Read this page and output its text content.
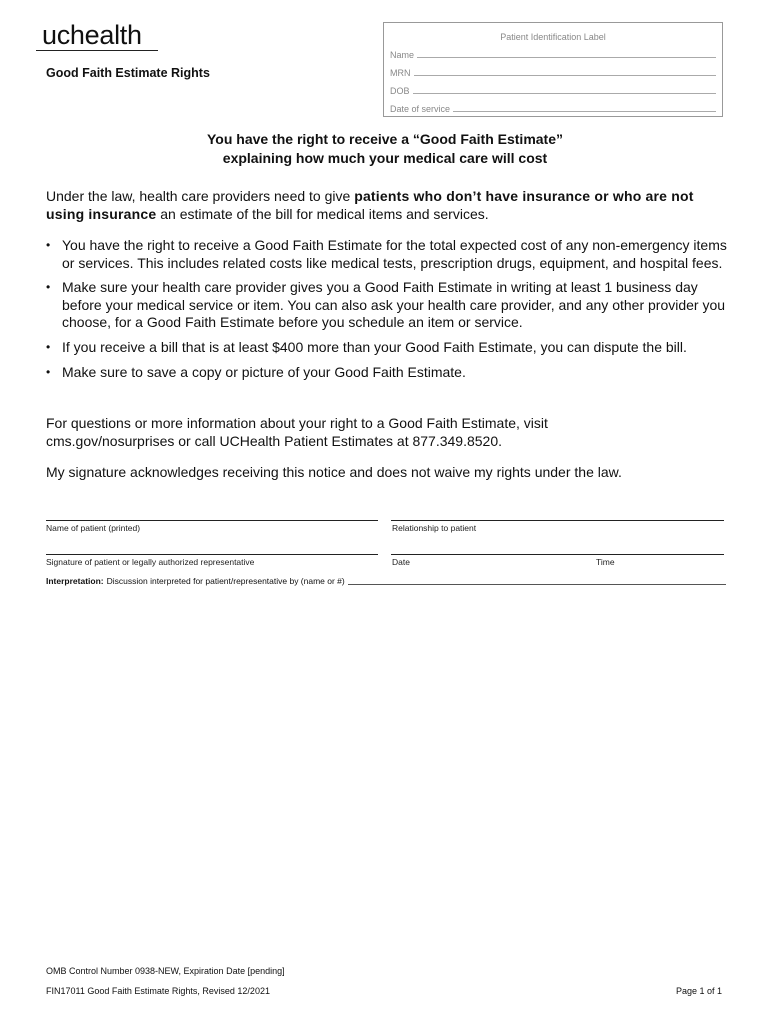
uchealth
Good Faith Estimate Rights
Patient Identification Label
Name
MRN
DOB
Date of service
You have the right to receive a “Good Faith Estimate”
explaining how much your medical care will cost
Under the law, health care providers need to give patients who don’t have insurance or who are not using insurance an estimate of the bill for medical items and services.
• You have the right to receive a Good Faith Estimate for the total expected cost of any non-emergency items or services. This includes related costs like medical tests, prescription drugs, equipment, and hospital fees.
• Make sure your health care provider gives you a Good Faith Estimate in writing at least 1 business day before your medical service or item. You can also ask your health care provider, and any other provider you choose, for a Good Faith Estimate before you schedule an item or service.
• If you receive a bill that is at least $400 more than your Good Faith Estimate, you can dispute the bill.
• Make sure to save a copy or picture of your Good Faith Estimate.
For questions or more information about your right to a Good Faith Estimate, visit
cms.gov/nosurprises or call UCHealth Patient Estimates at 877.349.8520.
My signature acknowledges receiving this notice and does not waive my rights under the law.
Name of patient (printed)	Relationship to patient
Signature of patient or legally authorized representative	Date	Time
Interpretation: Discussion interpreted for patient/representative by (name or #)
OMB Control Number 0938-NEW, Expiration Date [pending]
FIN17011 Good Faith Estimate Rights, Revised 12/2021	Page 1 of 1
